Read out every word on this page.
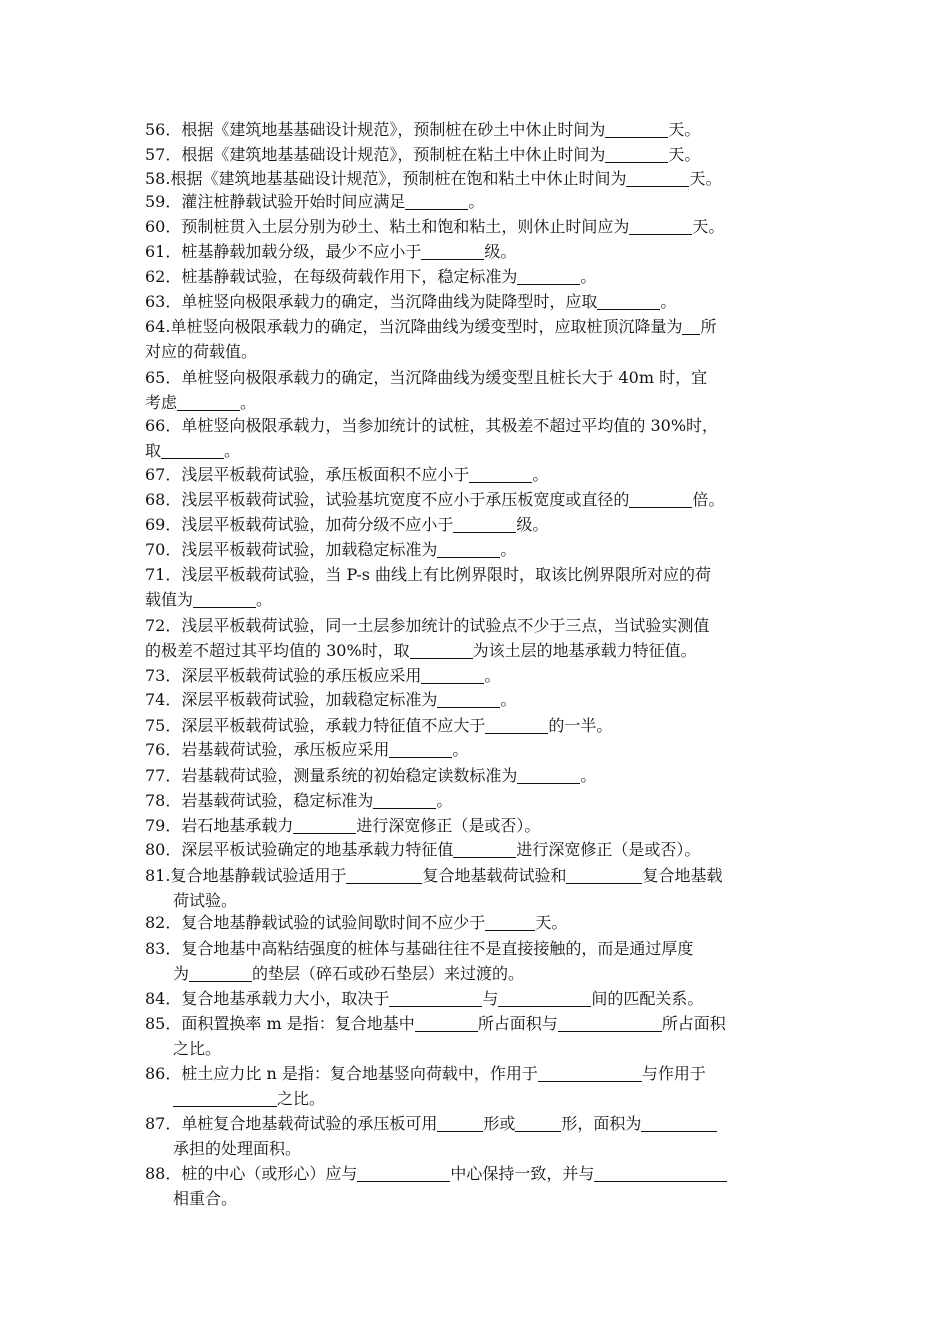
56．根据《建筑地基基础设计规范》，预制桩在砂土中休止时间为	天。
57．根据《建筑地基基础设计规范》，预制桩在粘土中休止时间为	天。
58.根据《建筑地基基础设计规范》，预制桩在饱和粘土中休止时间为	天。
59．灌注桩静载试验开始时间应满足	。
60．预制桩贯入土层分别为砂土、粘土和饱和粘土，则休止时间应为	天。
61．桩基静载加载分级，最少不应小于	级。
62．桩基静载试验，在每级荷载作用下，稳定标准为	。
63．单桩竖向极限承载力的确定，当沉降曲线为陡降型时，应取	。
64.单桩竖向极限承载力的确定，当沉降曲线为缓变型时，应取桩顶沉降量为 所
对应的荷载值。
65．单桩竖向极限承载力的确定，当沉降曲线为缓变型且桩长大于 40m 时，宜
考虑	。
66．单桩竖向极限承载力，当参加统计的试桩，其极差不超过平均值的 30%时，
取	。
67．浅层平板载荷试验，承压板面积不应小于	。
68．浅层平板载荷试验，试验基坑宽度不应小于承压板宽度或直径的	倍。
69．浅层平板载荷试验，加荷分级不应小于	级。
70．浅层平板载荷试验，加载稳定标准为	。
71．浅层平板载荷试验，当 P-s 曲线上有比例界限时，取该比例界限所对应的荷
载值为	。
72．浅层平板载荷试验，同一土层参加统计的试验点不少于三点，当试验实测值
的极差不超过其平均值的 30%时，取	为该土层的地基承载力特征值。
73．深层平板载荷试验的承压板应采用	。
74．深层平板载荷试验，加载稳定标准为	。
75．深层平板载荷试验，承载力特征值不应大于	的一半。
76．岩基载荷试验，承压板应采用	。
77．岩基载荷试验，测量系统的初始稳定读数标准为	。
78．岩基载荷试验，稳定标准为	。
79．岩石地基承载力	进行深宽修正（是或否）。
80．深层平板试验确定的地基承载力特征值	进行深宽修正（是或否）。
81.复合地基静载试验适用于	复合地基载荷试验和	复合地基载
荷试验。
82．复合地基静载试验的试验间歇时间不应少于	天。
83．复合地基中高粘结强度的桩体与基础往往不是直接接触的，而是通过厚度
为	的垫层（碎石或砂石垫层）来过渡的。
84．复合地基承载力大小，取决于	与	间的匹配关系。
85．面积置换率 m 是指：复合地基中	所占面积与	所占面积
之比。
86．桩土应力比 n 是指：复合地基竖向荷载中，作用于	与作用于
之比。
87．单桩复合地基载荷试验的承压板可用	形或	形，面积为
承担的处理面积。
88．桩的中心（或形心）应与	中心保持一致，并与
相重合。
